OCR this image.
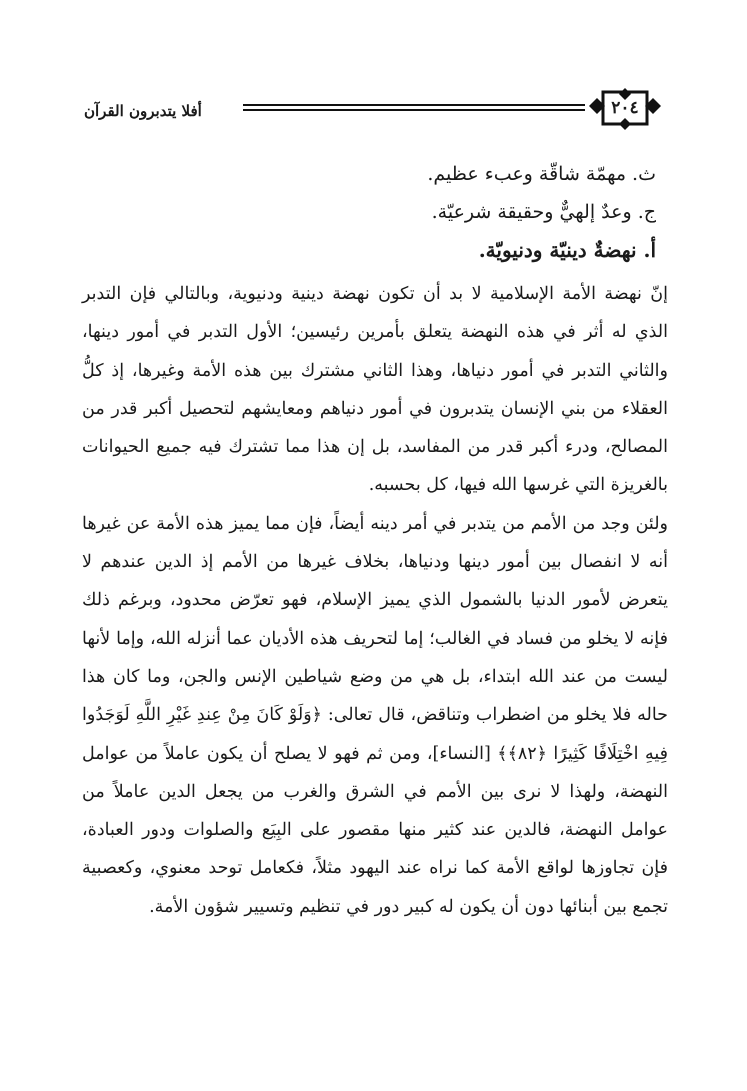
أفلا يتدبرون القرآن	٢٠٤
ث. مهمّة شاقّة وعبء عظيم.
ج. وعدٌ إلهيٌّ وحقيقة شرعيّة.
أ. نهضةٌ دينيّة ودنيويّة.

إنّ نهضة الأمة الإسلامية لا بد أن تكون نهضة دينية ودنيوية، وبالتالي فإن التدبر الذي له أثر في هذه النهضة يتعلق بأمرين رئيسين؛ الأول التدبر في أمور دينها، والثاني التدبر في أمور دنياها، وهذا الثاني مشترك بين هذه الأمة وغيرها، إذ كلُّ العقلاء من بني الإنسان يتدبرون في أمور دنياهم ومعايشهم لتحصيل أكبر قدر من المصالح، ودرء أكبر قدر من المفاسد، بل إن هذا مما تشترك فيه جميع الحيوانات بالغريزة التي غرسها الله فيها، كل بحسبه.

ولئن وجد من الأمم من يتدبر في أمر دينه أيضاً، فإن مما يميز هذه الأمة عن غيرها أنه لا انفصال بين أمور دينها ودنياها، بخلاف غيرها من الأمم إذ الدين عندهم لا يتعرض لأمور الدنيا بالشمول الذي يميز الإسلام، فهو تعرّض محدود، وبرغم ذلك فإنه لا يخلو من فساد في الغالب؛ إما لتحريف هذه الأديان عما أنزله الله، وإما لأنها ليست من عند الله ابتداء، بل هي من وضع شياطين الإنس والجن، وما كان هذا حاله فلا يخلو من اضطراب وتناقض، قال تعالى: ﴿وَلَوْ كَانَ مِنْ عِندِ غَيْرِ اللَّهِ لَوَجَدُوا فِيهِ اخْتِلَافًا كَثِيرًا ﴿٨٢﴾﴾ [النساء]، ومن ثم فهو لا يصلح أن يكون عاملاً من عوامل النهضة، ولهذا لا نرى بين الأمم في الشرق والغرب من يجعل الدين عاملاً من عوامل النهضة، فالدين عند كثير منها مقصور على البِيَع والصلوات ودور العبادة، فإن تجاوزها لواقع الأمة كما نراه عند اليهود مثلاً، فكعامل توحد معنوي، وكعصبية تجمع بين أبنائها دون أن يكون له كبير دور في تنظيم وتسيير شؤون الأمة.
